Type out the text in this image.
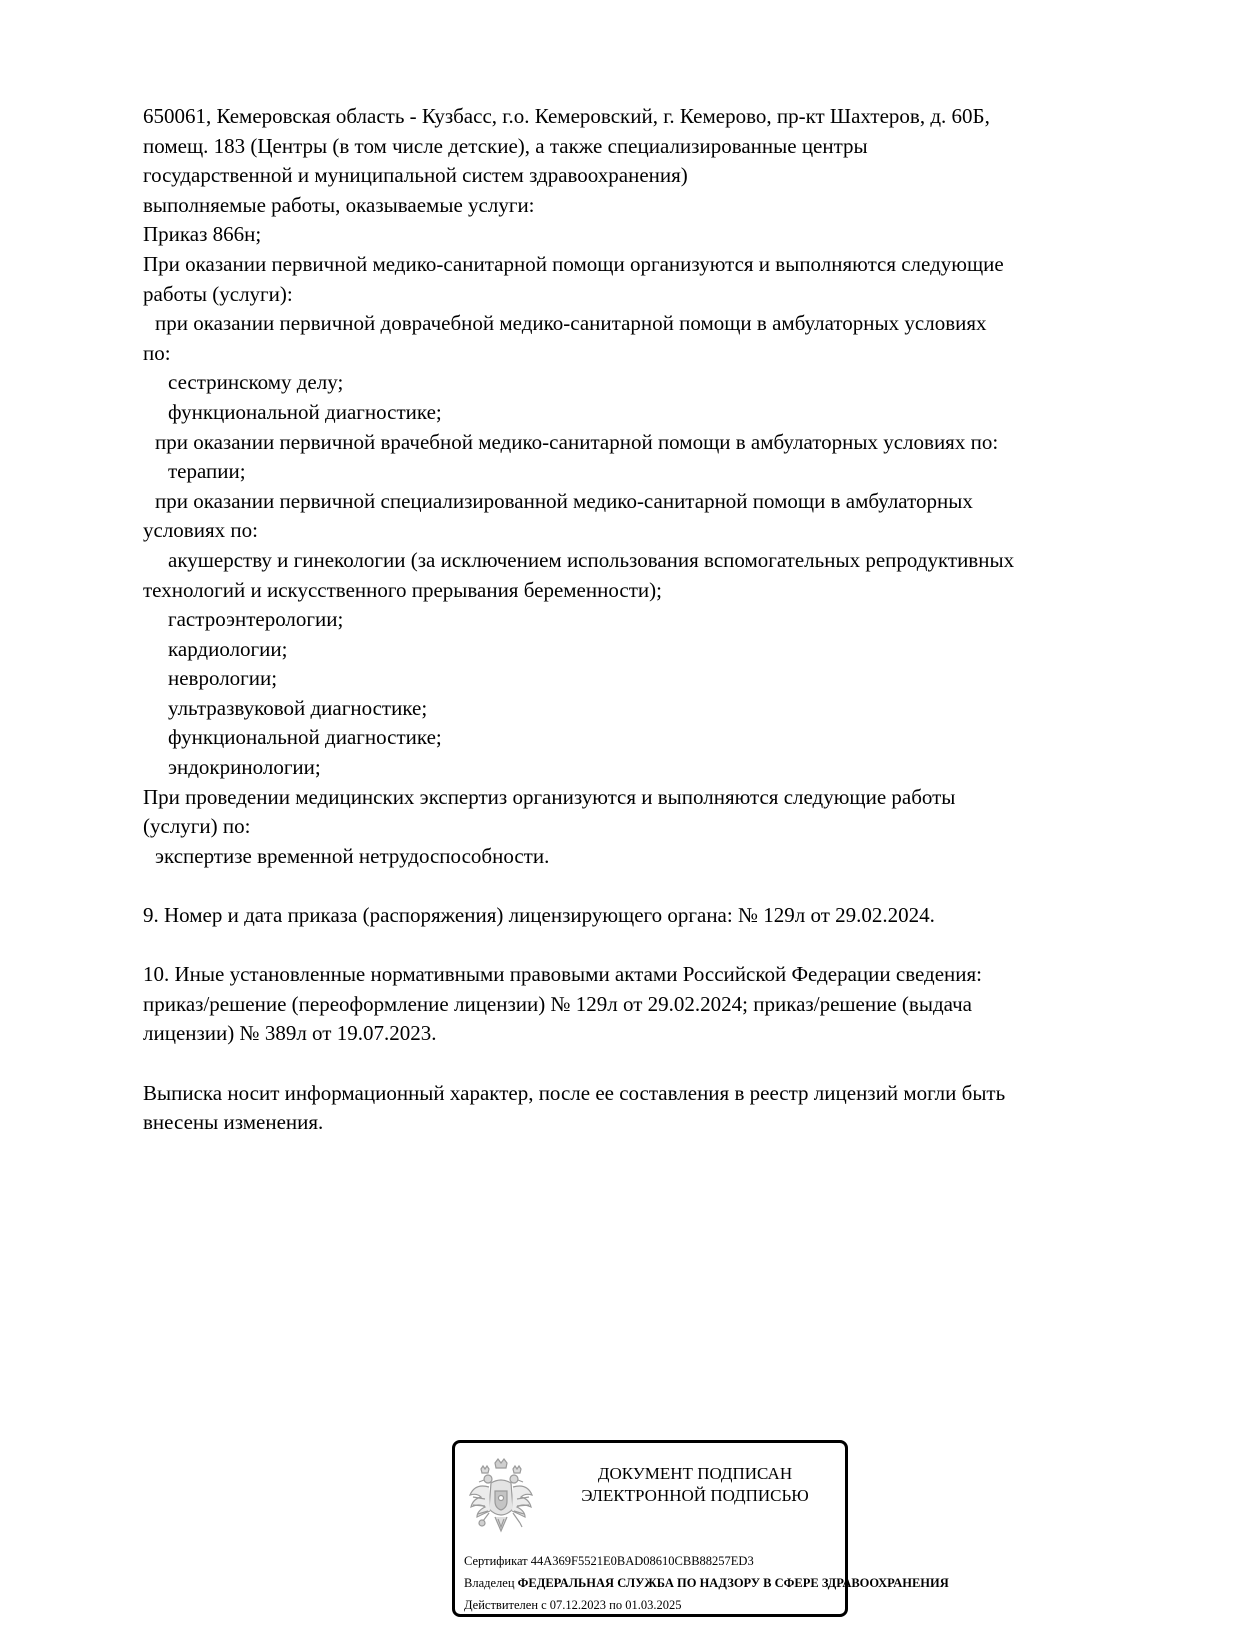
650061, Кемеровская область - Кузбасс, г.о. Кемеровский, г. Кемерово, пр-кт Шахтеров, д. 60Б,
помещ. 183 (Центры (в том числе детские), а также специализированные центры
государственной и муниципальной систем здравоохранения)
выполняемые работы, оказываемые услуги:
Приказ 866н;
При оказании первичной медико-санитарной помощи организуются и выполняются следующие
работы (услуги):
при оказании первичной доврачебной медико-санитарной помощи в амбулаторных условиях
по:
сестринскому делу;
функциональной диагностике;
при оказании первичной врачебной медико-санитарной помощи в амбулаторных условиях по:
терапии;
при оказании первичной специализированной медико-санитарной помощи в амбулаторных
условиях по:
акушерству и гинекологии (за исключением использования вспомогательных репродуктивных
технологий и искусственного прерывания беременности);
гастроэнтерологии;
кардиологии;
неврологии;
ультразвуковой диагностике;
функциональной диагностике;
эндокринологии;
При проведении медицинских экспертиз организуются и выполняются следующие работы
(услуги) по:
экспертизе временной нетрудоспособности.
9. Номер и дата приказа (распоряжения) лицензирующего органа: № 129л от 29.02.2024.
10. Иные установленные нормативными правовыми актами Российской Федерации сведения:
приказ/решение (переоформление лицензии) № 129л от 29.02.2024; приказ/решение (выдача
лицензии) № 389л от 19.07.2023.
Выписка носит информационный характер, после ее составления в реестр лицензий могли быть
внесены изменения.
ДОКУМЕНТ ПОДПИСАН
ЭЛЕКТРОННОЙ ПОДПИСЬЮ
Сертификат 44A369F5521E0BAD08610CBB88257ED3
Владелец ФЕДЕРАЛЬНАЯ СЛУЖБА ПО НАДЗОРУ В СФЕРЕ ЗДРАВООХРАНЕНИЯ
Действителен с 07.12.2023 по 01.03.2025
